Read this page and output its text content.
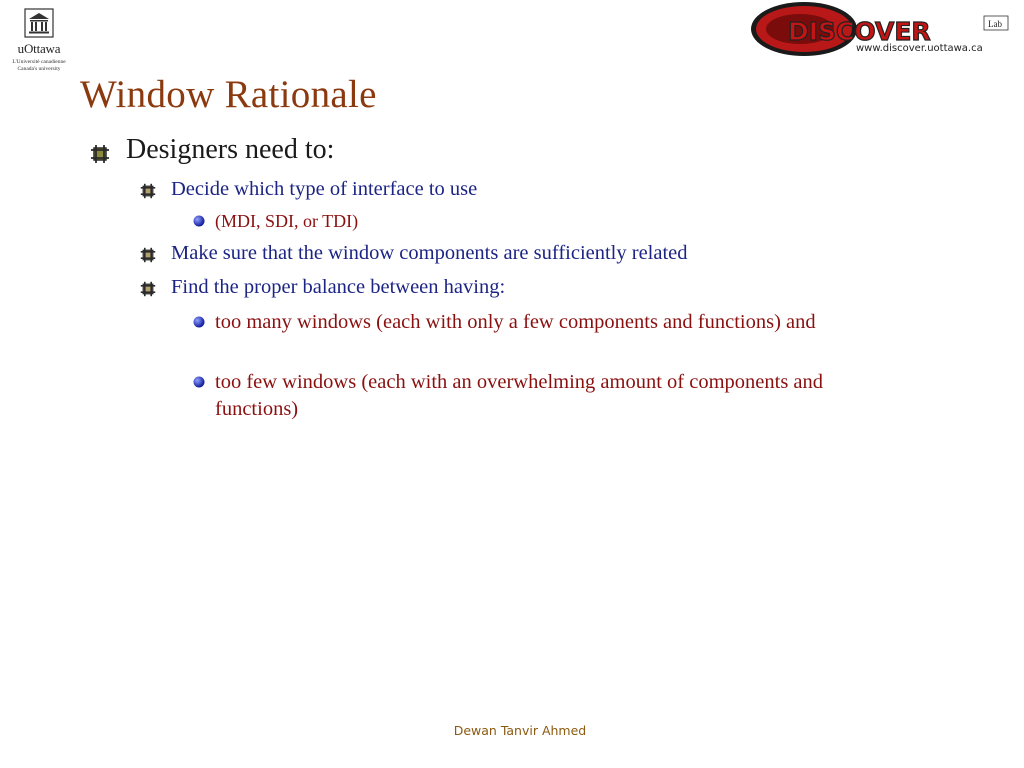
uOttawa
L'Université canadienne
Canada's university
DISCOVER	Lab
www.discover.uottawa.ca
Window Rationale
Designers need to:
Decide which type of interface to use
(MDI, SDI, or TDI)
Make sure that the window components are sufficiently related
Find the proper balance between having:
too many windows (each with only a few components and functions) and
too few windows (each with an overwhelming amount of components and functions)
Dewan Tanvir Ahmed
